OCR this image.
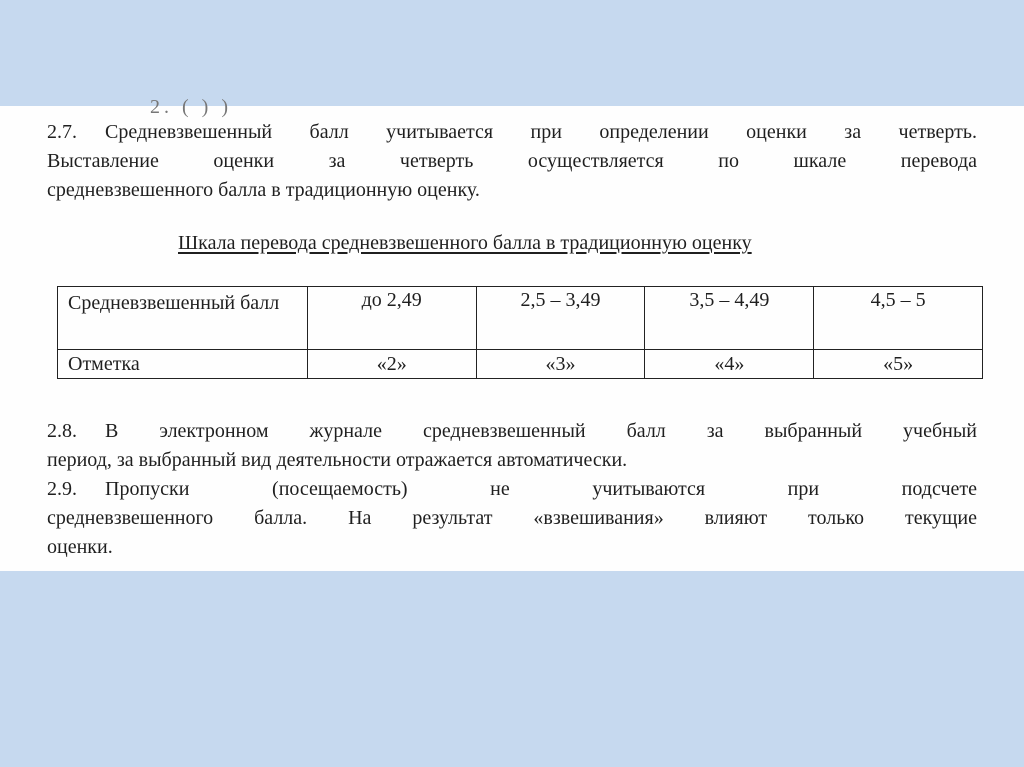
2. ( ) )
2.7. Средневзвешенный балл учитывается при определении оценки за четверть.
Выставление оценки за четверть осуществляется по шкале перевода
средневзвешенного балла в традиционную оценку.
Шкала перевода средневзвешенного балла в традиционную оценку
Средневзвешенный балл	до 2,49	2,5 – 3,49	3,5 – 4,49	4,5 – 5
Отметка	«2»	«3»	«4»	«5»
2.8. В электронном журнале средневзвешенный балл за выбранный учебный
период, за выбранный вид деятельности отражается автоматически.
2.9. Пропуски (посещаемость) не учитываются при подсчете
средневзвешенного балла. На результат «взвешивания» влияют только текущие
оценки.
